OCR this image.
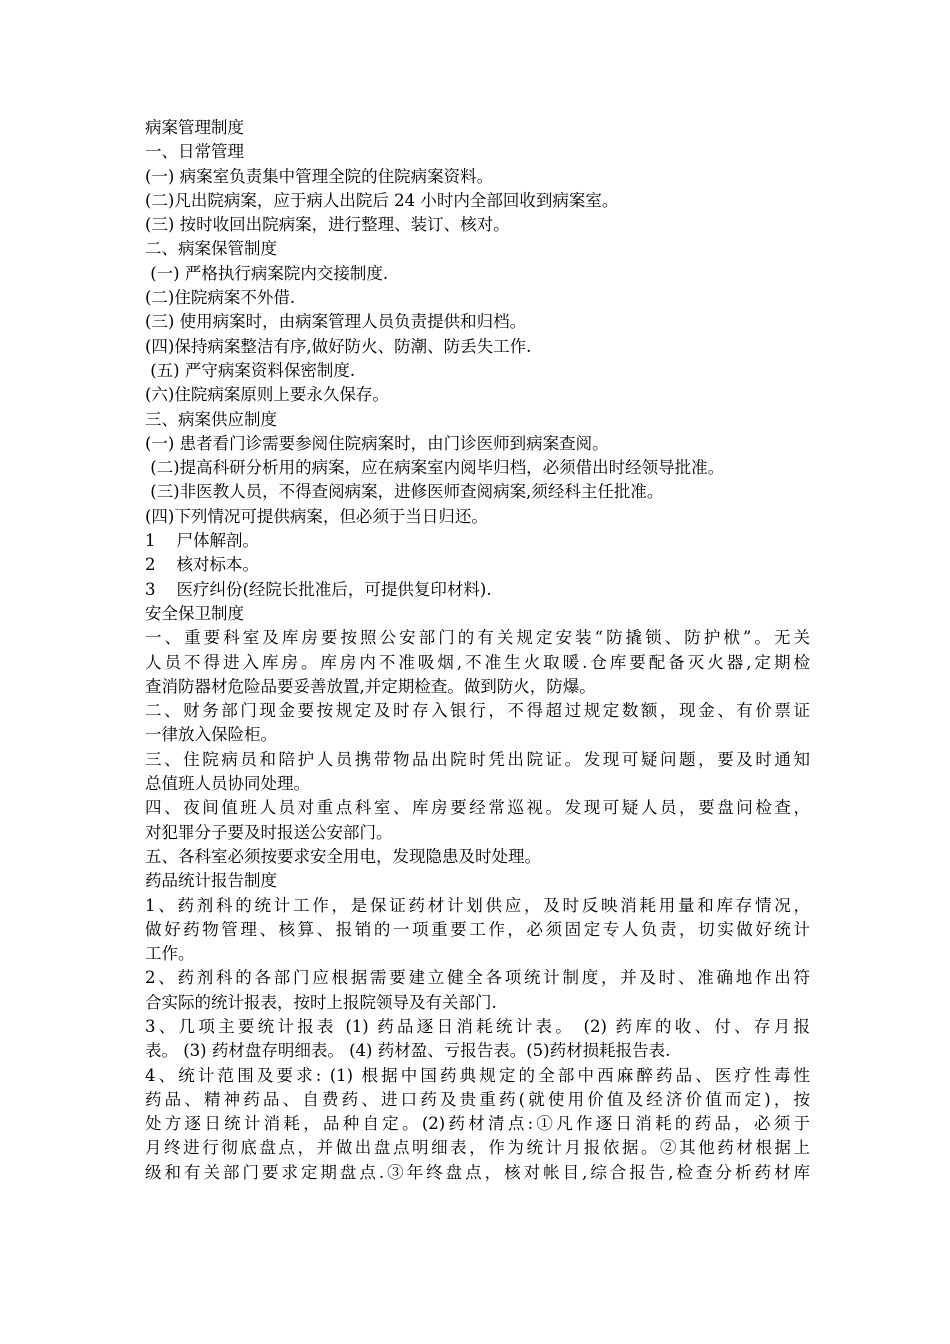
病案管理制度
一、日常管理
(一) 病案室负责集中管理全院的住院病案资料。
(二)凡出院病案，应于病人出院后 24 小时内全部回收到病案室。
(三) 按时收回出院病案，进行整理、装订、核对。
二、病案保管制度
(一) 严格执行病案院内交接制度.
(二)住院病案不外借.
(三) 使用病案时，由病案管理人员负责提供和归档。
(四)保持病案整洁有序,做好防火、防潮、防丢失工作.
(五) 严守病案资料保密制度.
(六)住院病案原则上要永久保存。
三、病案供应制度
(一) 患者看门诊需要参阅住院病案时，由门诊医师到病案查阅。
(二)提高科研分析用的病案，应在病案室内阅毕归档，必须借出时经领导批准。
(三)非医教人员，不得查阅病案，进修医师查阅病案,须经科主任批准。
(四)下列情况可提供病案，但必须于当日归还。
1    尸体解剖。
2    核对标本。
3    医疗纠份(经院长批准后，可提供复印材料).
安全保卫制度
一、重要科室及库房要按照公安部门的有关规定安装“防撬锁、防护栿”。无关
人员不得进入库房。库房内不准吸烟,不准生火取暖.仓库要配备灭火器,定期检
查消防器材危险品要妥善放置,并定期检查。做到防火，防爆。
二、财务部门现金要按规定及时存入银行，不得超过规定数额，现金、有价票证
一律放入保险柜。
三、住院病员和陪护人员携带物品出院时凭出院证。发现可疑问题，要及时通知
总值班人员协同处理。
四、夜间值班人员对重点科室、库房要经常巡视。发现可疑人员，要盘问检查，
对犯罪分子要及时报送公安部门。
五、各科室必须按要求安全用电，发现隐患及时处理。
药品统计报告制度
1、药剂科的统计工作，是保证药材计划供应，及时反映消耗用量和库存情况，
做好药物管理、核算、报销的一项重要工作，必须固定专人负责，切实做好统计
工作。
2、药剂科的各部门应根据需要建立健全各项统计制度，并及时、准确地作出符
合实际的统计报表，按时上报院领导及有关部门.
3、几项主要统计报表 (1) 药品逐日消耗统计表。 (2) 药库的收、付、存月报
表。 (3) 药材盘存明细表。 (4) 药材盈、亏报告表。(5)药材损耗报告表.
4、统计范围及要求: (1) 根据中国药典规定的全部中西麻醉药品、医疗性毒性
药品、精神药品、自费药、进口药及贵重药(就使用价值及经济价值而定)，按
处方逐日统计消耗，品种自定。(2)药材清点:①凡作逐日消耗的药品，必须于
月终进行彻底盘点，并做出盘点明细表，作为统计月报依据。②其他药材根据上
级和有关部门要求定期盘点.③年终盘点，核对帐目,综合报告,检查分析药材库
